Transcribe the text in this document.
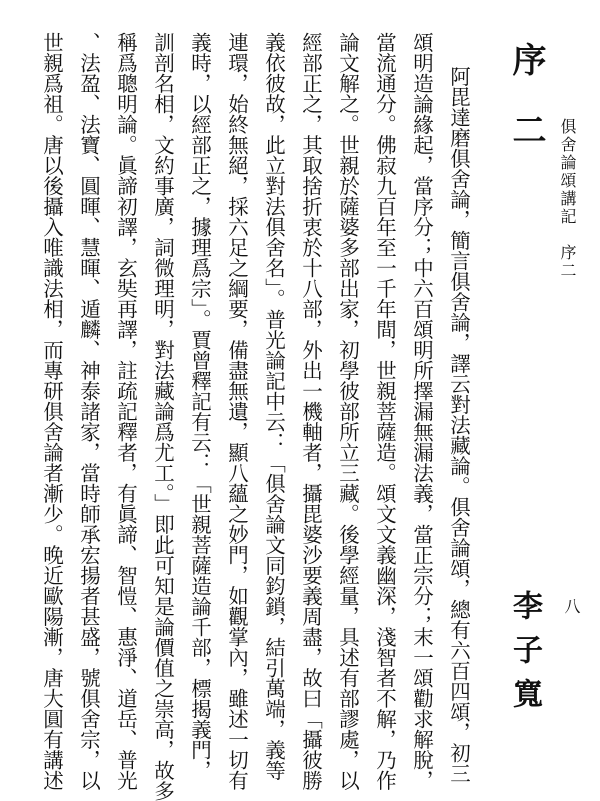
俱舍論頌講記　序二
八
序二
李子寬
阿毘達磨俱舍論，簡言俱舍論，譯云對法藏論。俱舍論頌，總有六百四頌，初三
頌明造論緣起，當序分；中六百頌明所擇漏無漏法義，當正宗分；末一頌勸求解脫，
當流通分。佛寂九百年至一千年間，世親菩薩造。頌文文義幽深，淺智者不解，乃作
論文解之。世親於薩婆多部出家，初學彼部所立三藏。後學經量，具述有部謬處，以
經部正之，其取捨折衷於十八部，外出一機軸者，攝毘婆沙要義周盡，故曰「攝彼勝
義依彼故，此立對法俱舍名」。普光論記中云：「俱舍論文同鈞鎖，結引萬端，義等
連環，始終無絕，採六足之綱要，備盡無遺，顯八蘊之妙門，如觀掌內，雖述一切有
義時，以經部正之，據理爲宗」。賈曾釋記有云：「世親菩薩造論千部，標揭義門，
訓剖名相，文約事廣，詞微理明，對法藏論爲尤工。」即此可知是論價值之崇高，故多
稱爲聰明論。眞諦初譯，玄奘再譯，註疏記釋者，有眞諦、智愷、惠淨、道岳、普光
、法盈、法寶、圓暉、慧暉、遁麟、神泰諸家，當時師承宏揚者甚盛，號俱舍宗，以
世親爲祖。唐以後攝入唯識法相，而專研俱舍論者漸少。晚近歐陽漸，唐大圓有講述
